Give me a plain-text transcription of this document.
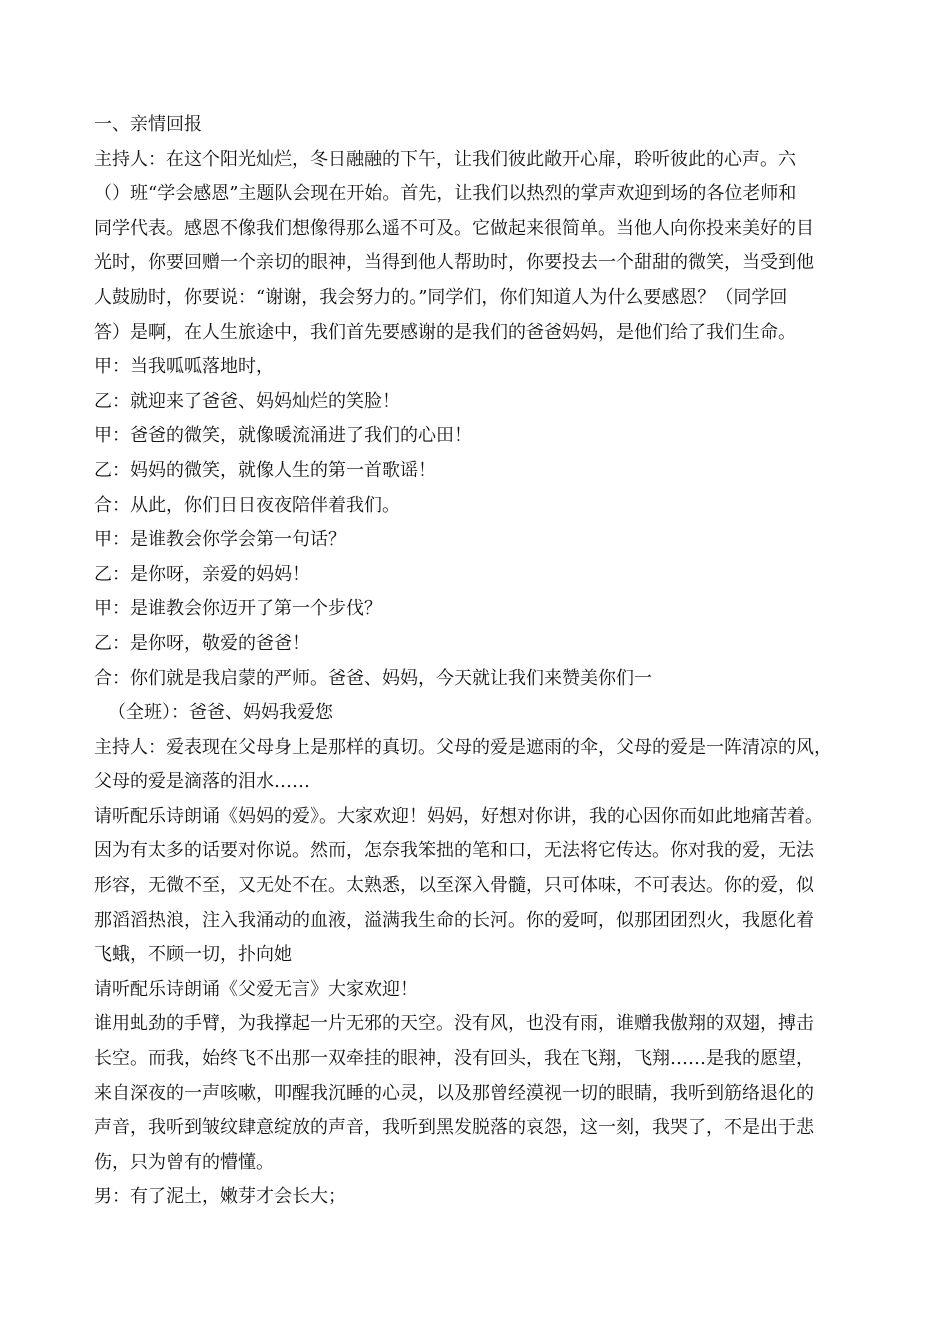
一、亲情回报
主持人：在这个阳光灿烂，冬日融融的下午，让我们彼此敞开心扉，聆听彼此的心声。六
（）班“学会感恩”主题队会现在开始。首先，让我们以热烈的掌声欢迎到场的各位老师和
同学代表。感恩不像我们想像得那么遥不可及。它做起来很简单。当他人向你投来美好的目
光时，你要回赠一个亲切的眼神，当得到他人帮助时，你要投去一个甜甜的微笑，当受到他
人鼓励时，你要说：“谢谢，我会努力的。”同学们，你们知道人为什么要感恩？（同学回
答）是啊，在人生旅途中，我们首先要感谢的是我们的爸爸妈妈，是他们给了我们生命。
甲：当我呱呱落地时，
乙：就迎来了爸爸、妈妈灿烂的笑脸！
甲：爸爸的微笑，就像暖流涌进了我们的心田！
乙：妈妈的微笑，就像人生的第一首歌谣！
合：从此，你们日日夜夜陪伴着我们。
甲：是谁教会你学会第一句话？
乙：是你呀，亲爱的妈妈！
甲：是谁教会你迈开了第一个步伐？
乙：是你呀，敬爱的爸爸！
合：你们就是我启蒙的严师。爸爸、妈妈，今天就让我们来赞美你们一
（全班）：爸爸、妈妈我爱您
主持人：爱表现在父母身上是那样的真切。父母的爱是遮雨的伞，父母的爱是一阵清凉的风，
父母的爱是滴落的泪水……
请听配乐诗朗诵《妈妈的爱》。大家欢迎！妈妈，好想对你讲，我的心因你而如此地痛苦着。
因为有太多的话要对你说。然而，怎奈我笨拙的笔和口，无法将它传达。你对我的爱，无法
形容，无微不至，又无处不在。太熟悉，以至深入骨髓，只可体味，不可表达。你的爱，似
那滔滔热浪，注入我涌动的血液，溢满我生命的长河。你的爱呵，似那团团烈火，我愿化着
飞蛾，不顾一切，扑向她
请听配乐诗朗诵《父爱无言》大家欢迎！
谁用虬劲的手臂，为我撑起一片无邪的天空。没有风，也没有雨，谁赠我傲翔的双翅，搏击
长空。而我，始终飞不出那一双牵挂的眼神，没有回头，我在飞翔，飞翔……是我的愿望，
来自深夜的一声咳嗽，叩醒我沉睡的心灵，以及那曾经漠视一切的眼睛，我听到筋络退化的
声音，我听到皱纹肆意绽放的声音，我听到黑发脱落的哀怨，这一刻，我哭了，不是出于悲
伤，只为曾有的懵懂。
男：有了泥土，嫩芽才会长大；
